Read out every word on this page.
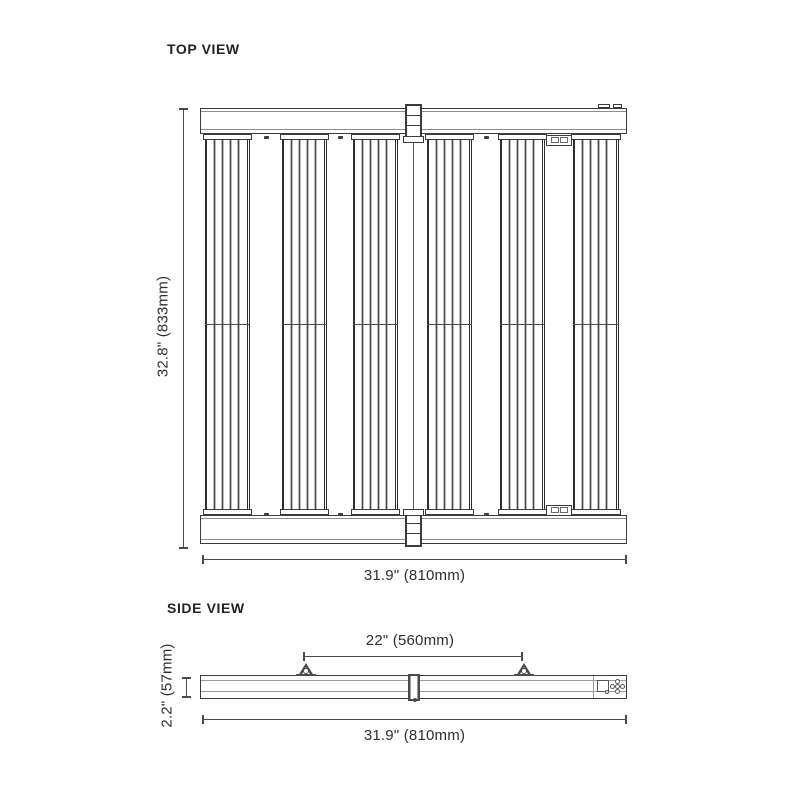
TOP VIEW
32.8" (833mm)
31.9" (810mm)
SIDE VIEW
22" (560mm)
2.2" (57mm)
31.9" (810mm)
